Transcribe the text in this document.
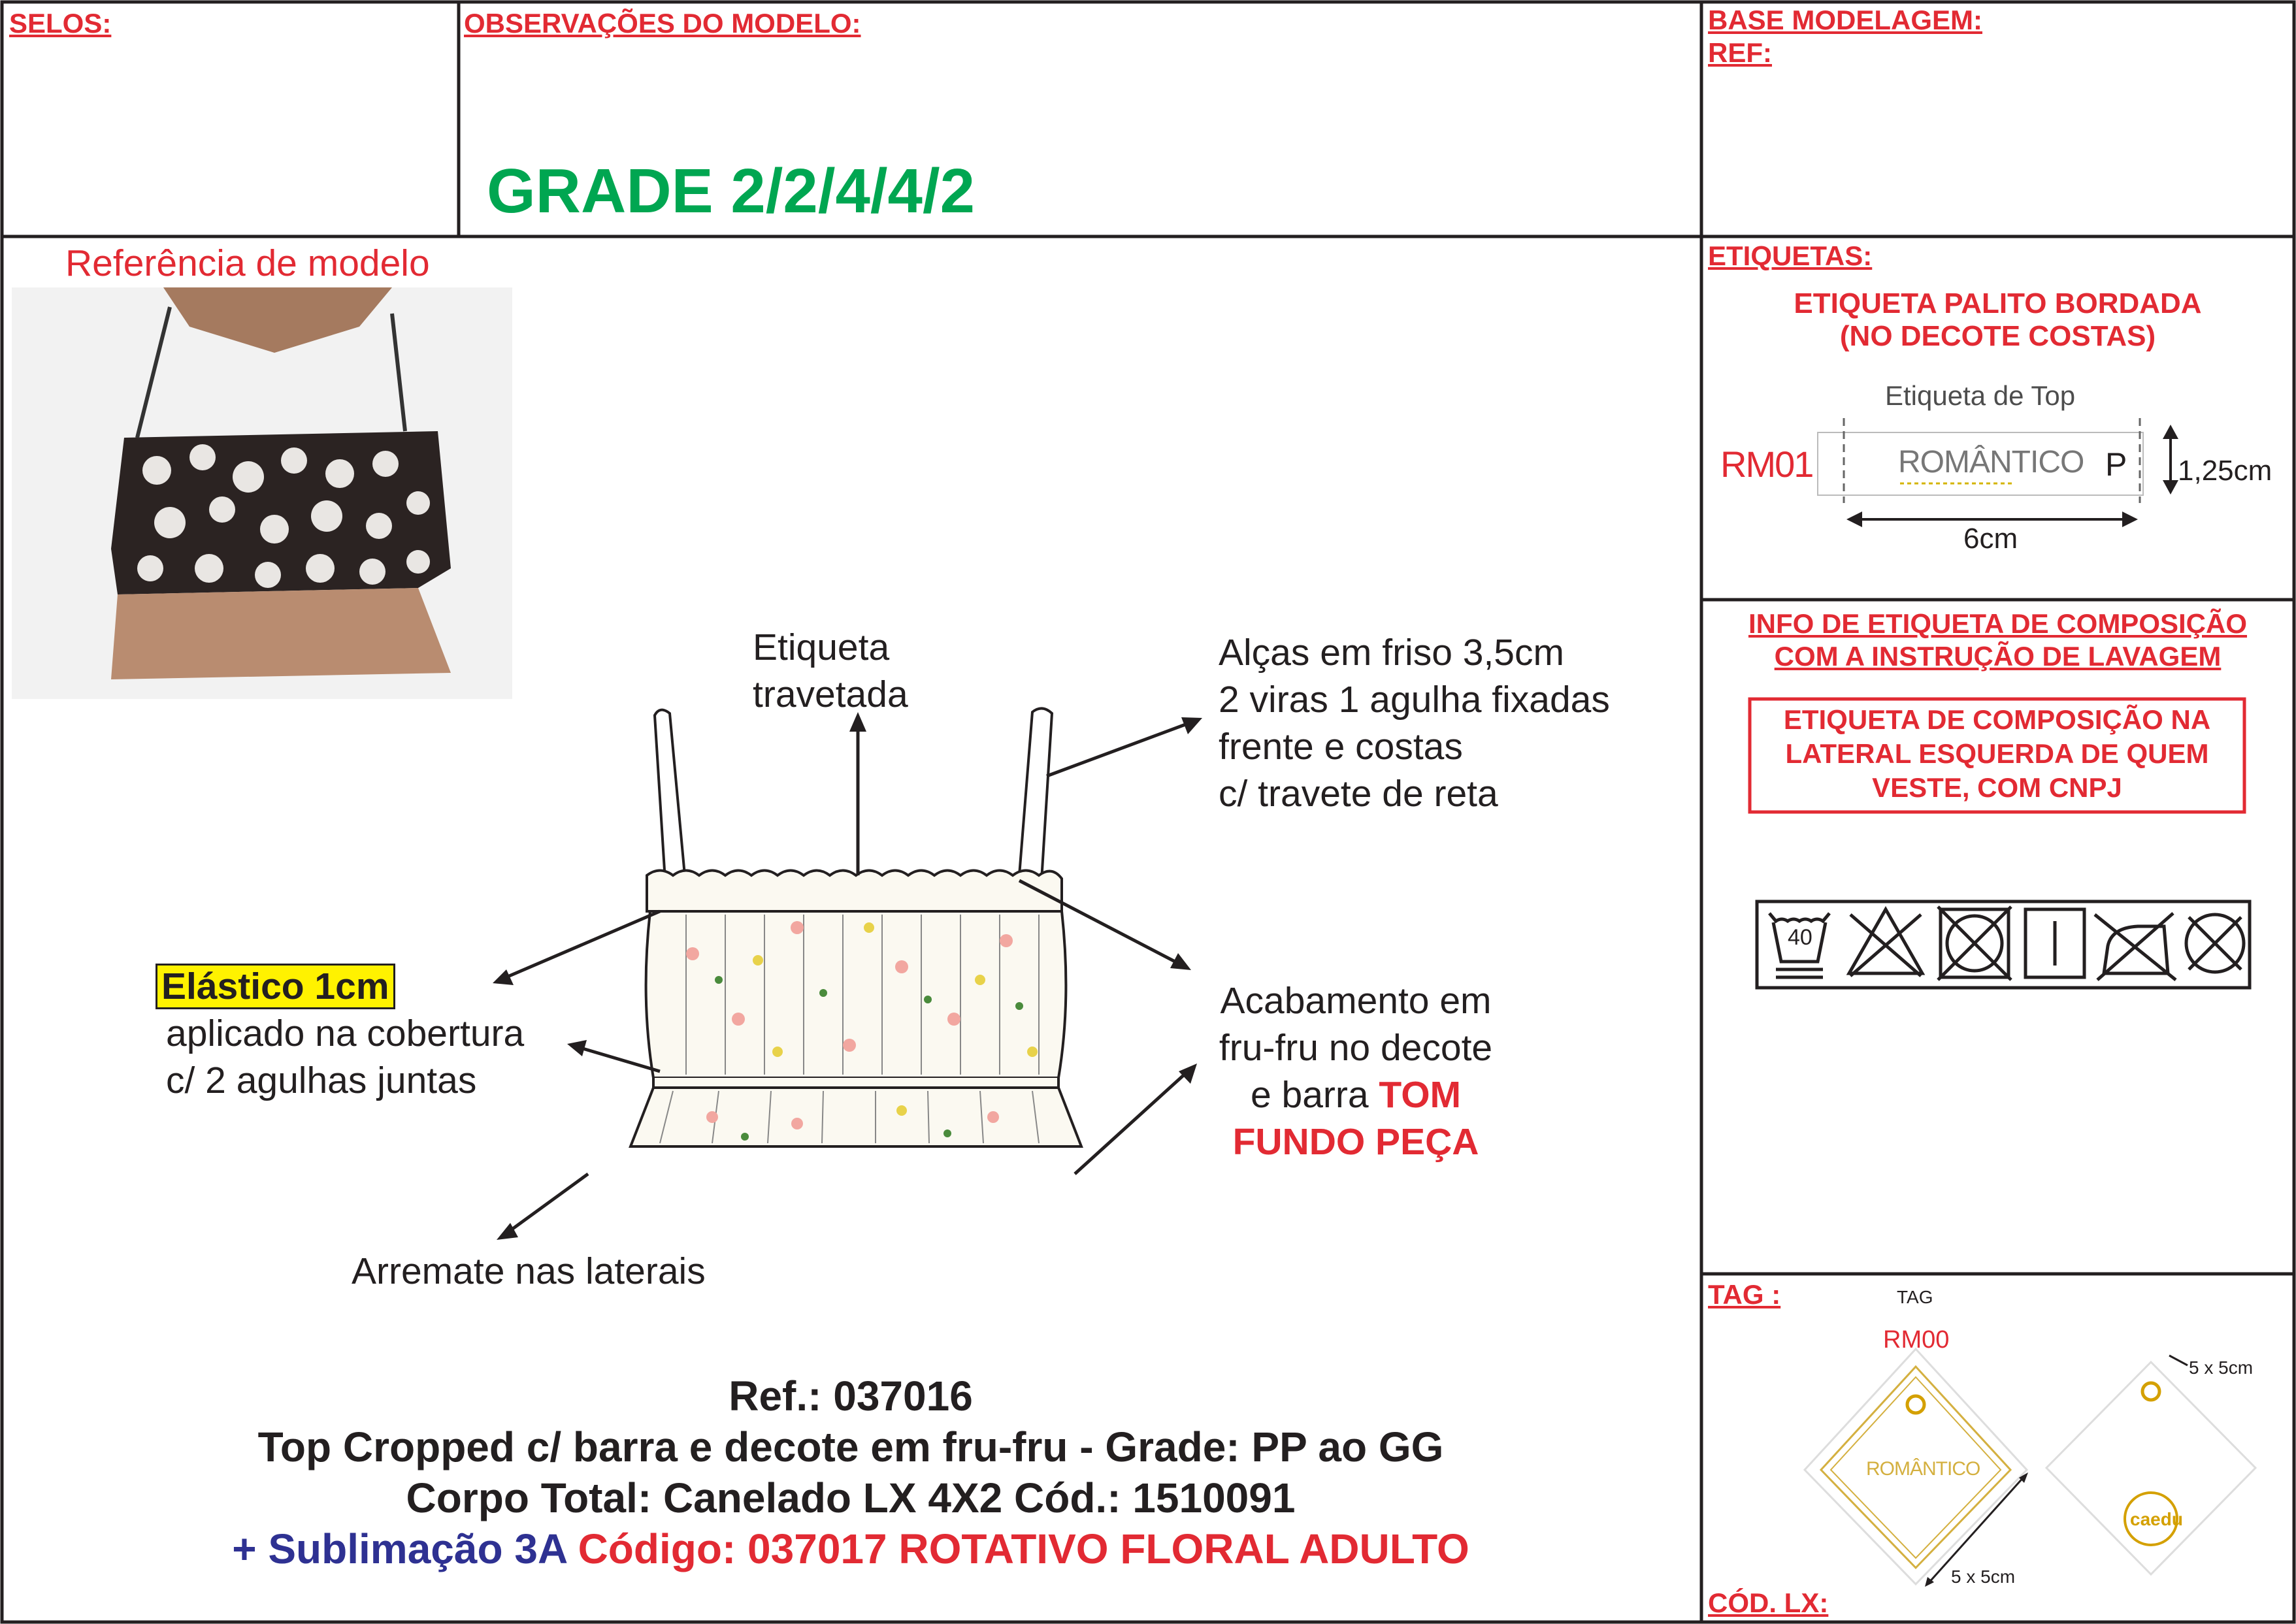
SELOS:	OBSERVAÇÕES DO MODELO:
GRADE 2/2/4/4/2
BASE MODELAGEM:
REF:
Referência de modelo	ETIQUETAS:
ETIQUETA PALITO BORDADA
(NO DECOTE COSTAS)
Etiqueta de Top
RM01	ROMÂNTICO P 1,25cm
6cm
INFO DE ETIQUETA DE COMPOSIÇÃO
COM A INSTRUÇÃO DE LAVAGEM
ETIQUETA DE COMPOSIÇÃO NA
LATERAL ESQUERDA DE QUEM
VESTE, COM CNPJ
40
TAG :	TAG
RM00
ROMÂNTICO
caedu
5 x 5cm
5 x 5cm
CÓD. LX:
Etiqueta
travetada
Alças em friso 3,5cm
2 viras 1 agulha fixadas
frente e costas
c/ travete de reta
Elástico 1cm
aplicado na cobertura
c/ 2 agulhas juntas
Acabamento em
fru-fru no decote
e barra TOM
FUNDO PEÇA
Arremate nas laterais
Ref.: 037016
Top Cropped c/ barra e decote em fru-fru - Grade: PP ao GG
Corpo Total: Canelado LX 4X2 Cód.: 1510091
+ Sublimação 3A Código: 037017 ROTATIVO FLORAL ADULTO
